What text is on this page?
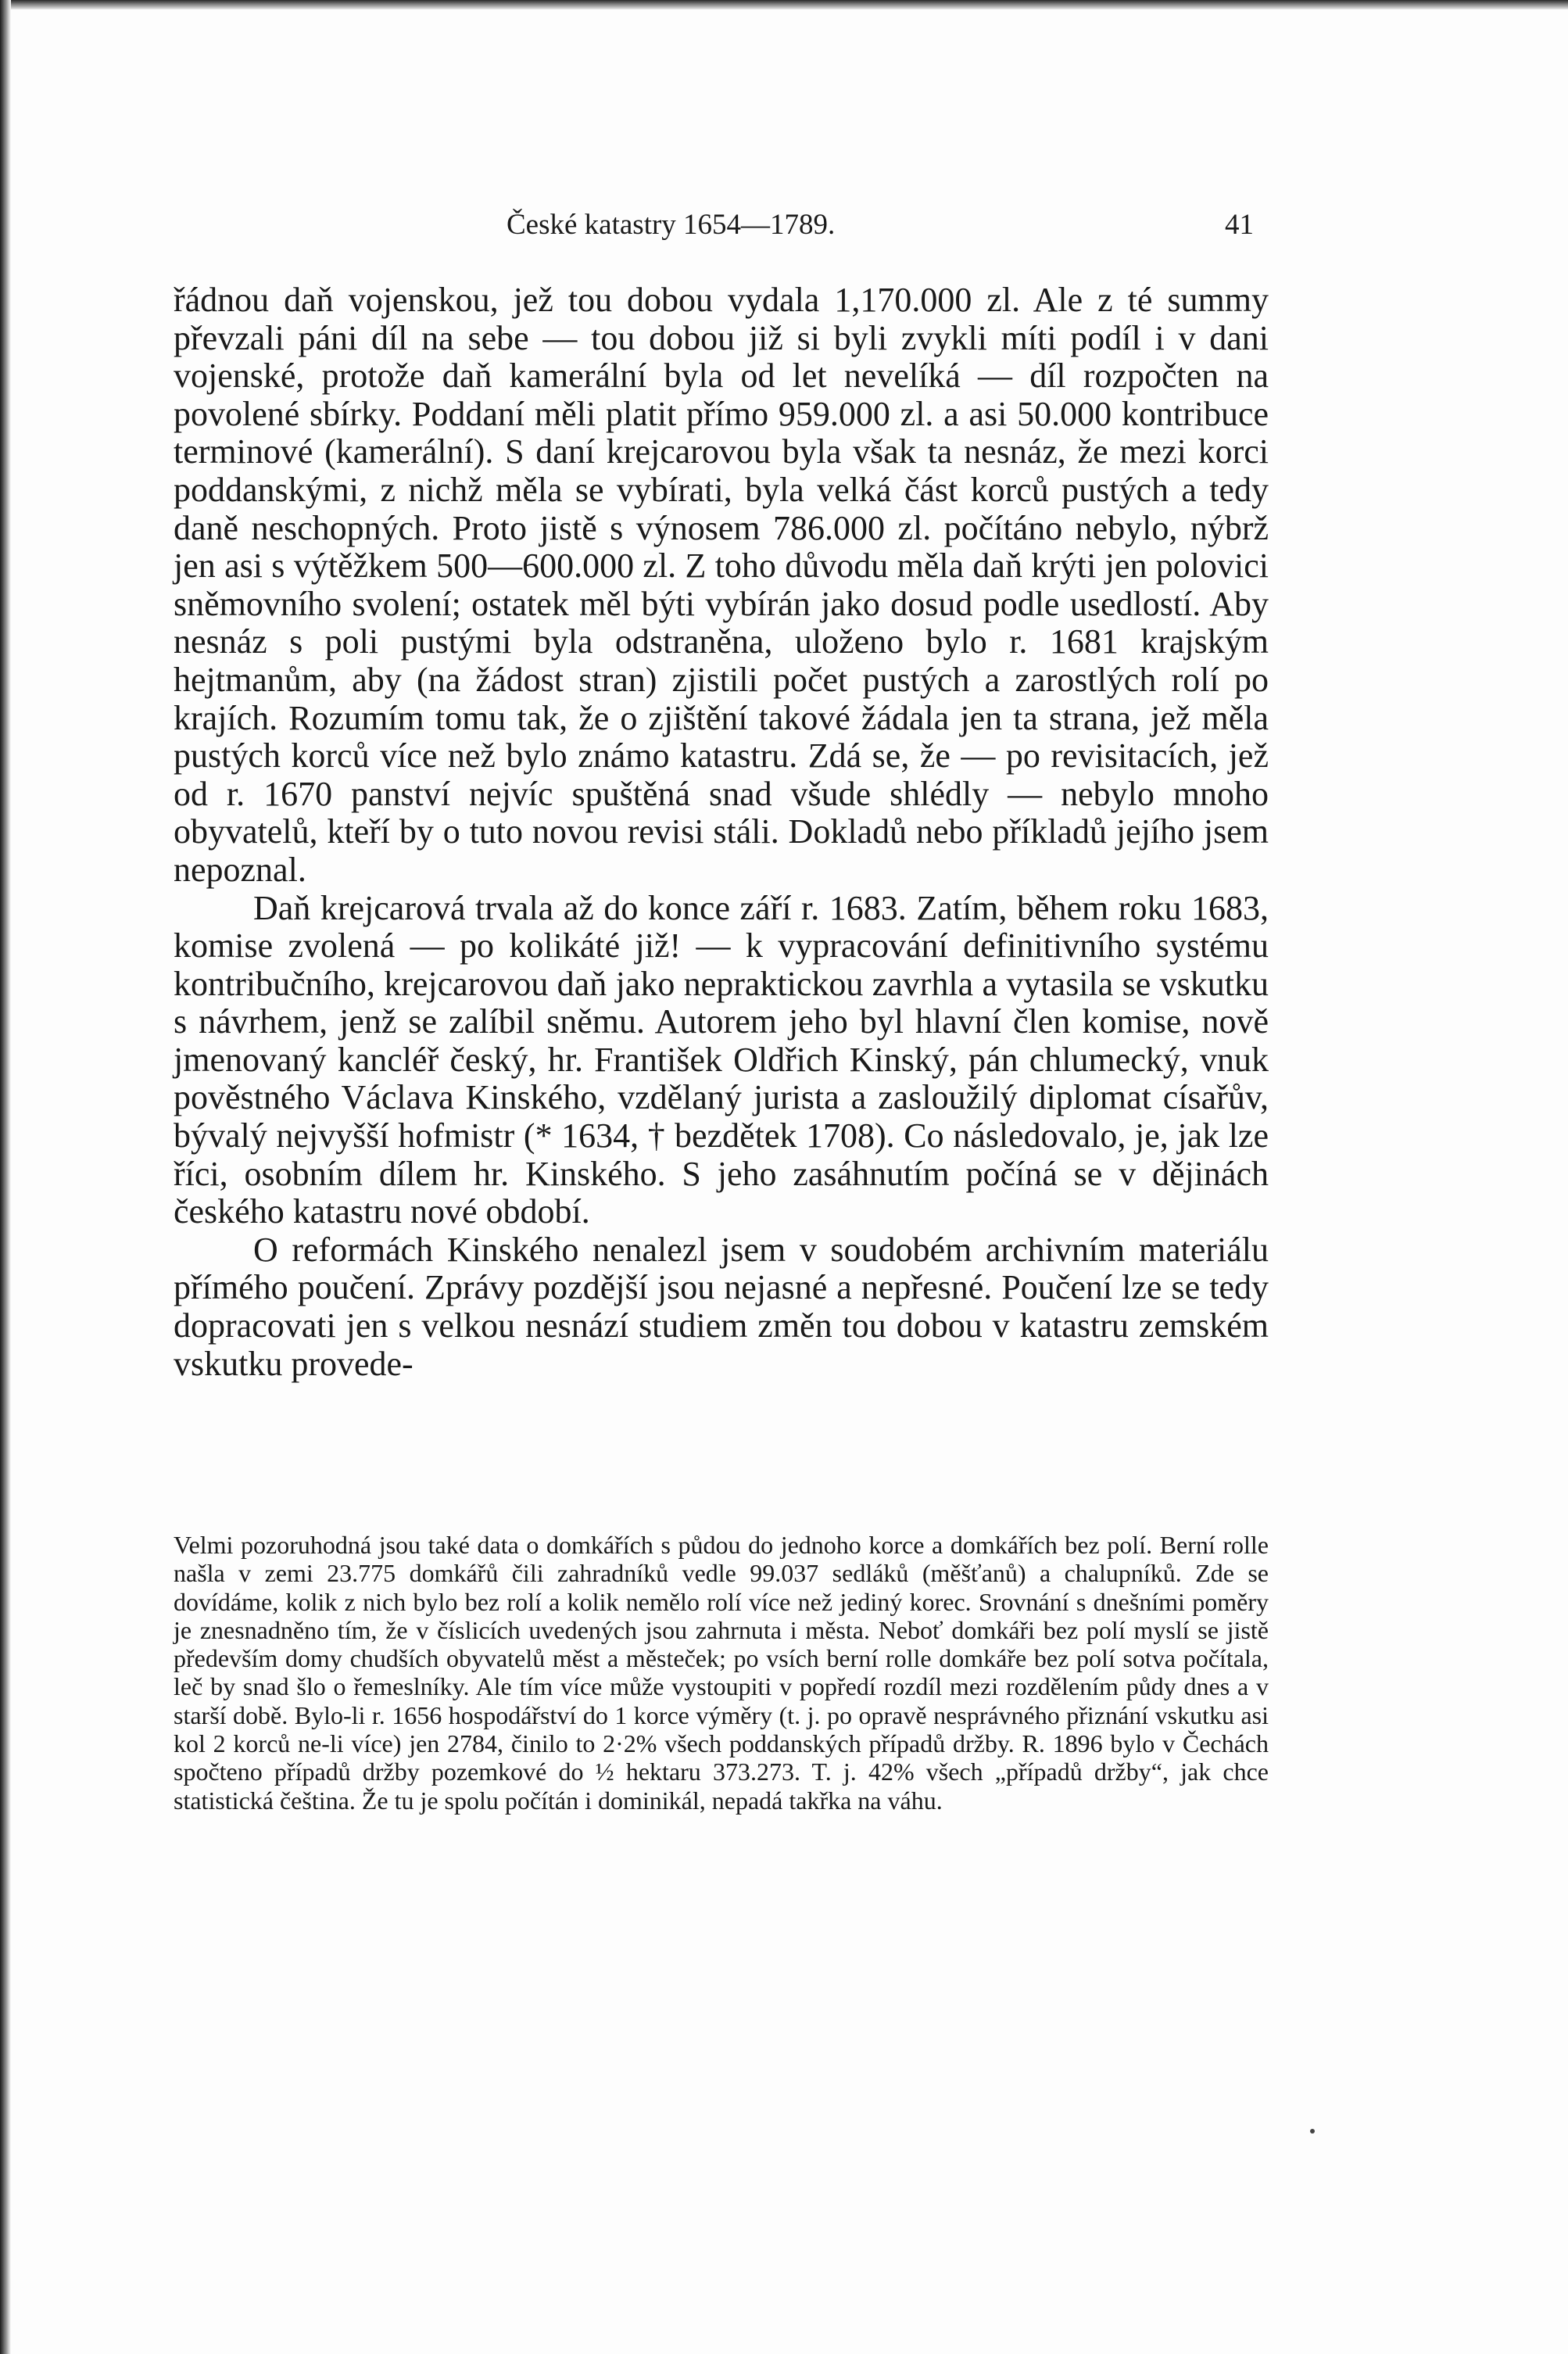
České katastry 1654—1789.	41

řádnou daň vojenskou, jež tou dobou vydala 1,170.000 zl. Ale z té summy převzali páni díl na sebe — tou dobou již si byli zvykli míti podíl i v dani vojenské, protože daň kamerální byla od let nevelíká — díl rozpočten na povolené sbírky. Poddaní měli platit přímo 959.000 zl. a asi 50.000 kontribuce terminové (kamerální). S daní krejcarovou byla však ta nesnáz, že mezi korci poddanskými, z nichž měla se vybírati, byla velká část korců pustých a tedy daně neschopných. Proto jistě s výnosem 786.000 zl. počítáno nebylo, nýbrž jen asi s výtěžkem 500—600.000 zl. Z toho důvodu měla daň krýti jen polovici sněmovního svolení; ostatek měl býti vybírán jako dosud podle usedlostí. Aby nesnáz s poli pustými byla odstraněna, uloženo bylo r. 1681 krajským hejtmanům, aby (na žádost stran) zjistili počet pustých a zarostlých rolí po krajích. Rozumím tomu tak, že o zjištění takové žádala jen ta strana, jež měla pustých korců více než bylo známo katastru. Zdá se, že — po revisitacích, jež od r. 1670 panství nejvíc spuštěná snad všude shlédly — nebylo mnoho obyvatelů, kteří by o tuto novou revisi stáli. Dokladů nebo příkladů jejího jsem nepoznal.

Daň krejcarová trvala až do konce září r. 1683. Zatím, během roku 1683, komise zvolená — po kolikáté již! — k vypracování definitivního systému kontribučního, krejcarovou daň jako nepraktickou zavrhla a vytasila se vskutku s návrhem, jenž se zalíbil sněmu. Autorem jeho byl hlavní člen komise, nově jmenovaný kancléř český, hr. František Oldřich Kinský, pán chlumecký, vnuk pověstného Václava Kinského, vzdělaný jurista a zasloužilý diplomat císařův, bývalý nejvyšší hofmistr (* 1634, † bezdětek 1708). Co následovalo, je, jak lze říci, osobním dílem hr. Kinského. S jeho zasáhnutím počíná se v dějinách českého katastru nové období.

O reformách Kinského nenalezl jsem v soudobém archivním materiálu přímého poučení. Zprávy pozdější jsou nejasné a nepřesné. Poučení lze se tedy dopracovati jen s velkou nesnází studiem změn tou dobou v katastru zemském vskutku provede-

Velmi pozoruhodná jsou také data o domkářích s půdou do jednoho korce a domkářích bez polí. Berní rolle našla v zemi 23.775 domkářů čili zahradníků vedle 99.037 sedláků (měšťanů) a chalupníků. Zde se dovídáme, kolik z nich bylo bez rolí a kolik nemělo rolí více než jediný korec. Srovnání s dnešními poměry je znesnadněno tím, že v číslicích uvedených jsou zahrnuta i města. Neboť domkáři bez polí myslí se jistě především domy chudších obyvatelů měst a městeček; po vsích berní rolle domkáře bez polí sotva počítala, leč by snad šlo o řemeslníky. Ale tím více může vystoupiti v popředí rozdíl mezi rozdělením půdy dnes a v starší době. Bylo-li r. 1656 hospodářství do 1 korce výměry (t. j. po opravě nesprávného přiznání vskutku asi kol 2 korců ne-li více) jen 2784, činilo to 2·2% všech poddanských případů držby. R. 1896 bylo v Čechách spočteno případů držby pozemkové do ½ hektaru 373.273. T. j. 42% všech „případů držby“, jak chce statistická čeština. Že tu je spolu počítán i dominikál, nepadá takřka na váhu.
